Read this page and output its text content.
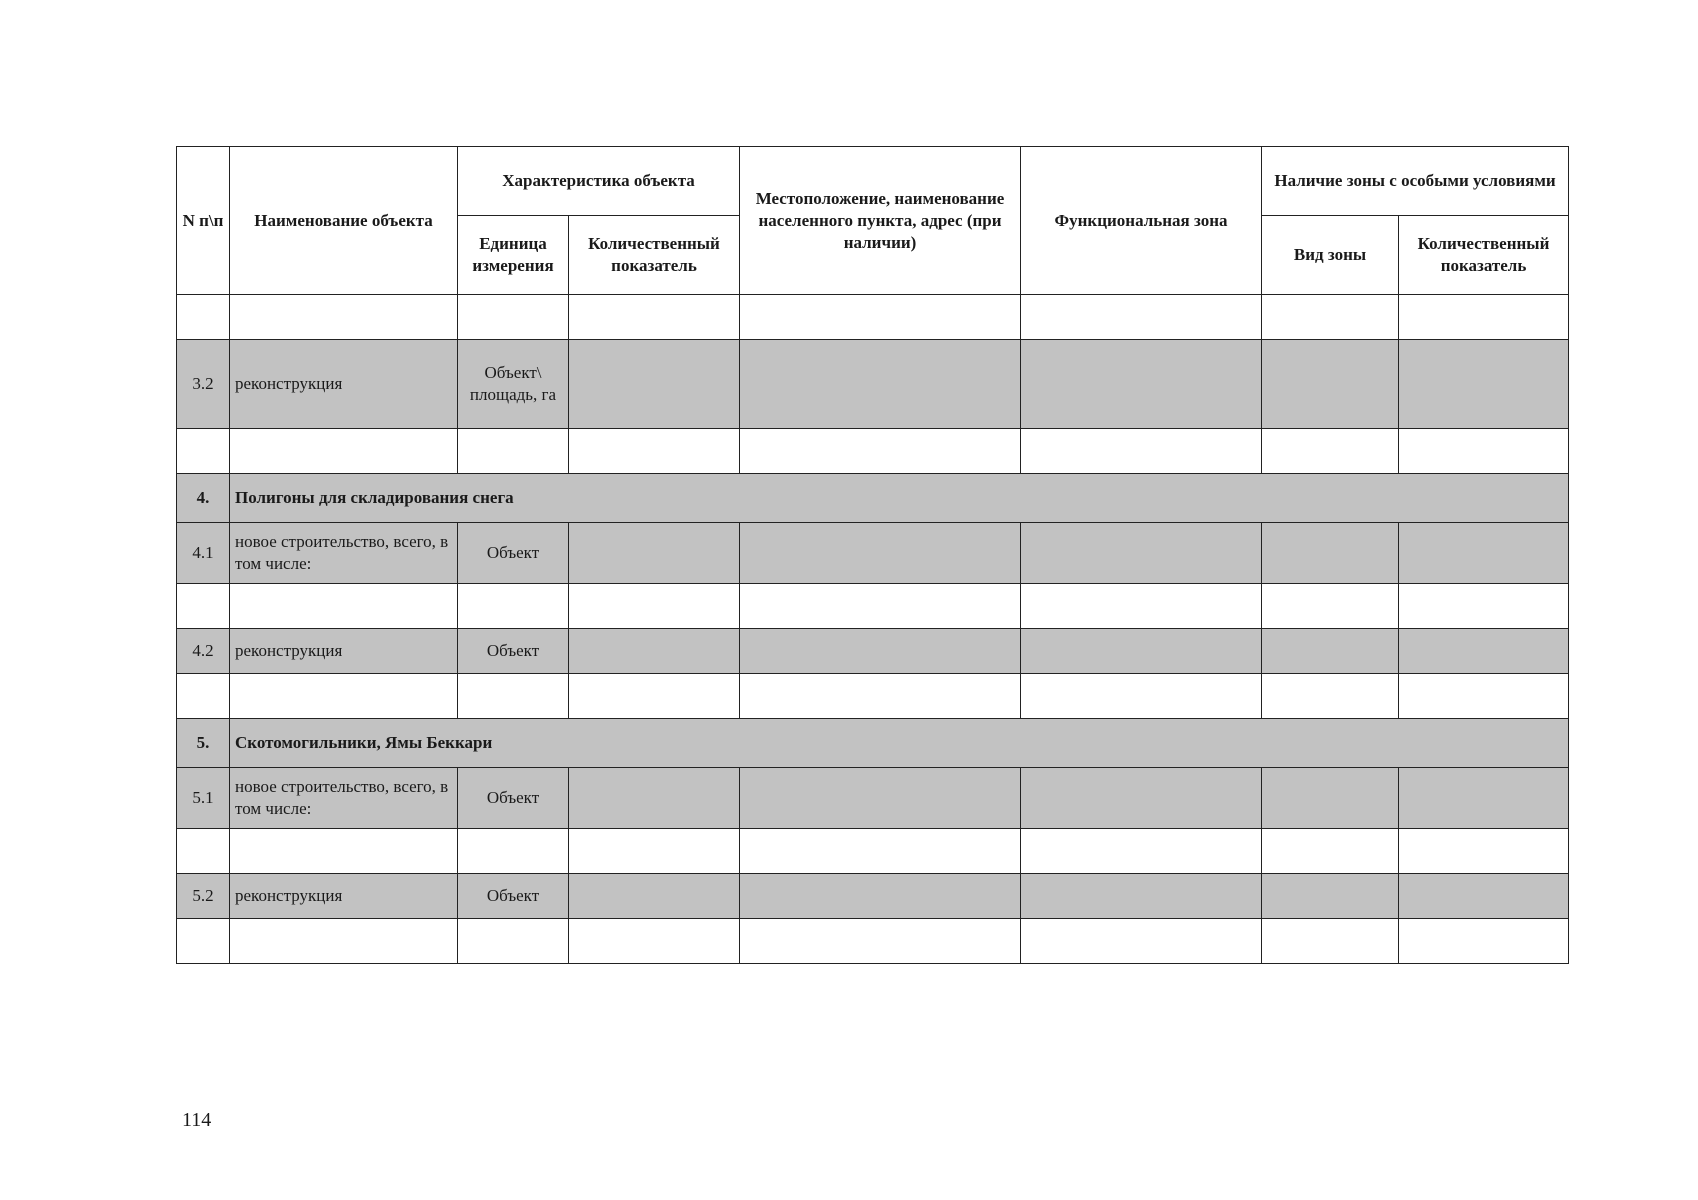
N п\п	Наименование объекта	Характеристика объекта		Местоположение, наименование населенного пункта, адрес (при наличии)	Функциональная зона	Наличие зоны с особыми условиями	
		Единица измерения	Количественный показатель			Вид зоны	Количественный показатель

3.2	реконструкция	Объект\ площадь, га					

4.	Полигоны для складирования снега						
4.1	новое строительство, всего, в том числе:	Объект					

4.2	реконструкция	Объект					

5.	Скотомогильники, Ямы Беккари						
5.1	новое строительство, всего, в том числе:	Объект					

5.2	реконструкция	Объект					

114
